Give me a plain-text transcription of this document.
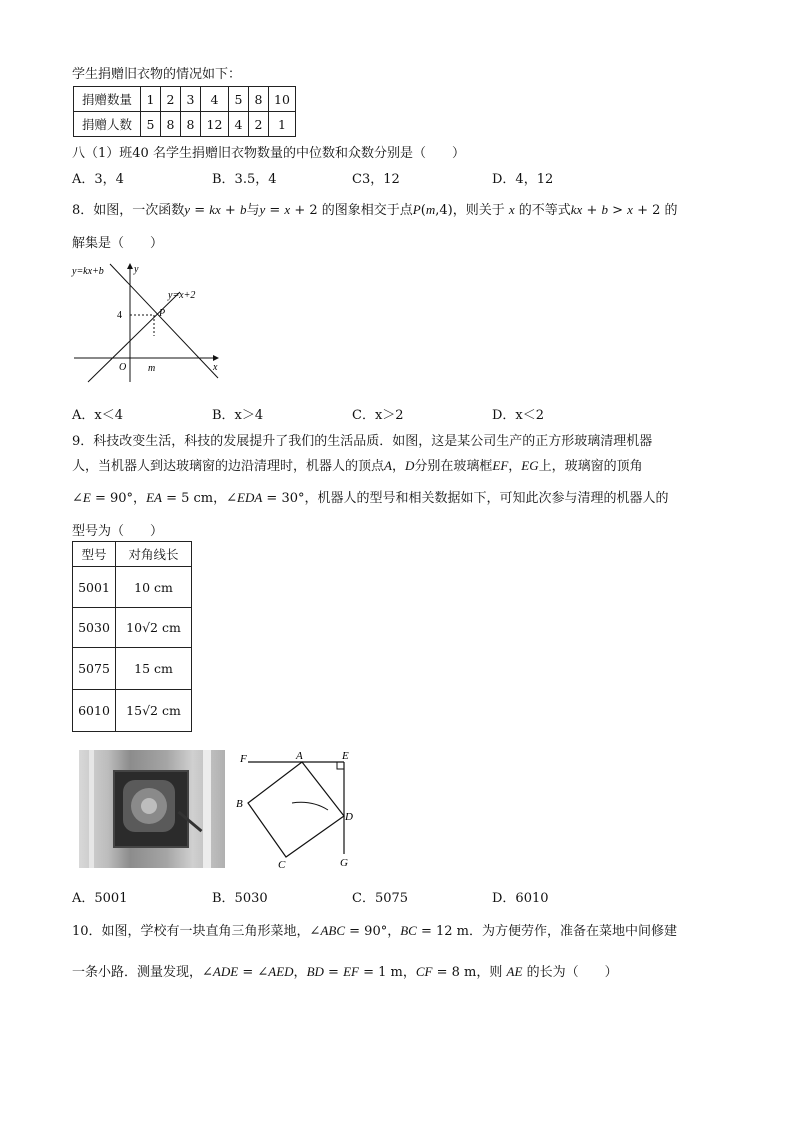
学生捐赠旧衣物的情况如下：
捐赠数量	1	2	3	4	5	8	10
捐赠人数	5	8	8	12	4	2	1
八（1）班40 名学生捐赠旧衣物数量的中位数和众数分别是（　　）
A．3，4	B．3.5，4	C3，12	D．4，12
8．如图，一次函数y = kx + b与y = x + 2 的图象相交于点P(m,4)，则关于 x 的不等式kx + b > x + 2 的
解集是（　　）
y=kx+b	y
y=x+2
4	P
O m	x
A．x＜4	B．x＞4	C．x＞2	D．x＜2
9．科技改变生活，科技的发展提升了我们的生活品质．如图，这是某公司生产的正方形玻璃清理机器
人，当机器人到达玻璃窗的边沿清理时，机器人的顶点A，D分别在玻璃框EF，EG上，玻璃窗的顶角
∠E = 90°，EA = 5 cm，∠EDA = 30°，机器人的型号和相关数据如下，可知此次参与清理的机器人的
型号为（　　）
型号	对角线长
5001	10 cm
5030	10√2 cm
5075	15 cm
6010	15√2 cm
F	A	E
B
D
C	G
A．5001	B．5030	C．5075	D．6010
10．如图，学校有一块直角三角形菜地，∠ABC = 90°，BC = 12 m．为方便劳作，准备在菜地中间修建
一条小路．测量发现，∠ADE = ∠AED，BD = EF = 1 m，CF = 8 m，则 AE 的长为（　　）
